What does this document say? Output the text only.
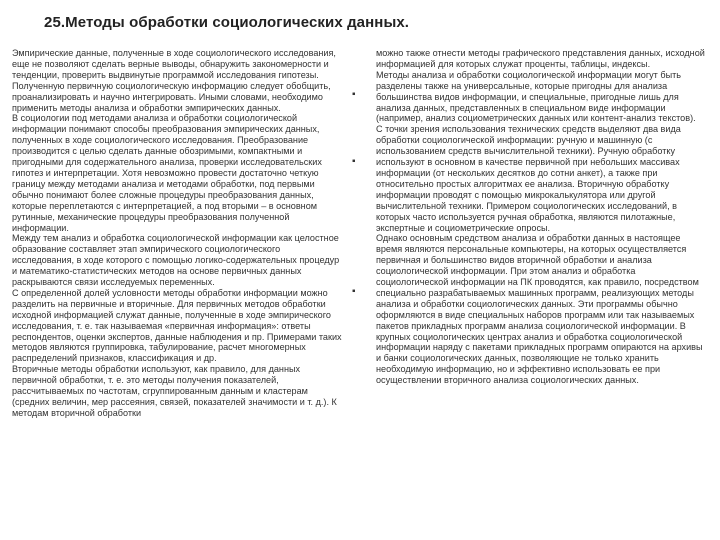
25.Методы обработки социологических данных.

Эмпирические данные, полученные в ходе социологического исследования, еще не позволяют сделать верные выводы, обнаружить закономерности и тенденции, проверить выдвинутые программой исследования гипотезы. Полученную первичную социологическую информацию следует обобщить, проанализировать и научно интегрировать. Иными словами, необходимо применить методы анализа и обработки эмпирических данных.

В социологии под методами анализа и обработки социологической информации понимают способы преобразования эмпирических данных, полученных в ходе социологического исследования. Преобразование производится с целью сделать данные обозримыми, компактными и пригодными для содержательного анализа, проверки исследовательских гипотез и интерпретации. Хотя невозможно провести достаточно четкую границу между методами анализа и методами обработки, под первыми обычно понимают более сложные процедуры преобразования данных, которые переплетаются с интерпретацией, а под вторыми – в основном рутинные, механические процедуры преобразования полученной информации.

Между тем анализ и обработка социологической информации как целостное образование составляет этап эмпирического социологического исследования, в ходе которого с помощью логико-содержательных процедур и математико-статистических методов на основе первичных данных раскрываются связи исследуемых переменных.

С определенной долей условности методы обработки информации можно разделить на первичные и вторичные. Для первичных методов обработки исходной информацией служат данные, полученные в ходе эмпирического исследования, т. е. так называемая «первичная информация»: ответы респондентов, оценки экспертов, данные наблюдения и пр. Примерами таких методов являются группировка, табулирование, расчет многомерных распределений признаков, классификация и др.

Вторичные методы обработки используют, как правило, для данных первичной обработки, т. е. это методы получения показателей, рассчитываемых по частотам, сгруппированным данным и кластерам (средних величин, мер рассеяния, связей, показателей значимости и т. д.). К методам вторичной обработки

можно также отнести методы графического представления данных, исходной информацией для которых служат проценты, таблицы, индексы.

Методы анализа и обработки социологической информации могут быть разделены также на универсальные, которые пригодны для анализа большинства видов информации, и специальные, пригодные лишь для анализа данных, представленных в специальном виде информации (например, анализ социометрических данных или контент-анализ текстов).

С точки зрения использования технических средств выделяют два вида обработки социологической информации: ручную и машинную (с использованием средств вычислительной техники). Ручную обработку используют в основном в качестве первичной при небольших массивах информации (от нескольких десятков до сотни анкет), а также при относительно простых алгоритмах ее анализа. Вторичную обработку информации проводят с помощью микрокалькулятора или другой вычислительной техники. Примером социологических исследований, в которых часто используется ручная обработка, являются пилотажные, экспертные и социометрические опросы.

Однако основным средством анализа и обработки данных в настоящее время являются персональные компьютеры, на которых осуществляется первичная и большинство видов вторичной обработки и анализа социологической информации. При этом анализ и обработка социологической информации на ПК проводятся, как правило, посредством специально разрабатываемых машинных программ, реализующих методы анализа и обработки социологических данных. Эти программы обычно оформляются в виде специальных наборов программ или так называемых пакетов прикладных программ анализа социологической информации. В крупных социологических центрах анализ и обработка социологической информации наряду с пакетами прикладных программ опираются на архивы и банки социологических данных, позволяющие не только хранить необходимую информацию, но и эффективно использовать ее при осуществлении вторичного анализа социологических данных.

▪
▪
▪
